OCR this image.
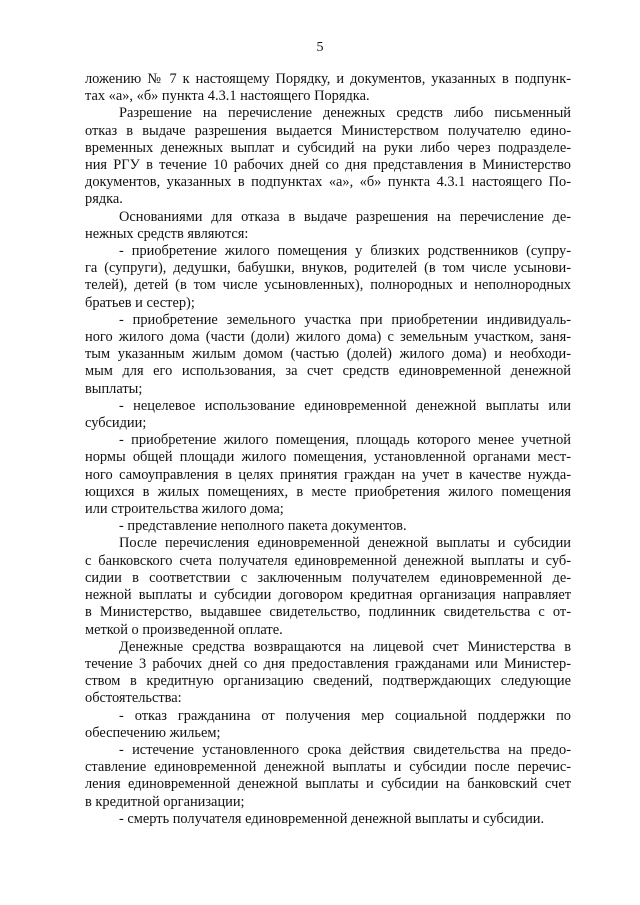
5

ложению № 7 к настоящему Порядку, и документов, указанных в подпунк-
тах «а», «б» пункта 4.3.1 настоящего Порядка.

Разрешение на перечисление денежных средств либо письменный
отказ в выдаче разрешения выдается Министерством получателю едино-
временных денежных выплат и субсидий на руки либо через подразделе-
ния РГУ в течение 10 рабочих дней со дня представления в Министерство
документов, указанных в подпунктах «а», «б» пункта 4.3.1 настоящего По-
рядка.

Основаниями для отказа в выдаче разрешения на перечисление де-
нежных средств являются:

- приобретение жилого помещения у близких родственников (супру-
га (супруги), дедушки, бабушки, внуков, родителей (в том числе усынови-
телей), детей (в том числе усыновленных), полнородных и неполнородных
братьев и сестер);

- приобретение земельного участка при приобретении индивидуаль-
ного жилого дома (части (доли) жилого дома) с земельным участком, заня-
тым указанным жилым домом (частью (долей) жилого дома) и необходи-
мым для его использования, за счет средств единовременной денежной
выплаты;

- нецелевое использование единовременной денежной выплаты или
субсидии;

- приобретение жилого помещения, площадь которого менее учетной
нормы общей площади жилого помещения, установленной органами мест-
ного самоуправления в целях принятия граждан на учет в качестве нужда-
ющихся в жилых помещениях, в месте приобретения жилого помещения
или строительства жилого дома;

- представление неполного пакета документов.

После перечисления единовременной денежной выплаты и субсидии
с банковского счета получателя единовременной денежной выплаты и суб-
сидии в соответствии с заключенным получателем единовременной де-
нежной выплаты и субсидии договором кредитная организация направляет
в Министерство, выдавшее свидетельство, подлинник свидетельства с от-
меткой о произведенной оплате.

Денежные средства возвращаются на лицевой счет Министерства в
течение 3 рабочих дней со дня предоставления гражданами или Министер-
ством в кредитную организацию сведений, подтверждающих следующие
обстоятельства:

- отказ гражданина от получения мер социальной поддержки по
обеспечению жильем;

- истечение установленного срока действия свидетельства на предо-
ставление единовременной денежной выплаты и субсидии после перечис-
ления единовременной денежной выплаты и субсидии на банковский счет
в кредитной организации;

- смерть получателя единовременной денежной выплаты и субсидии.
